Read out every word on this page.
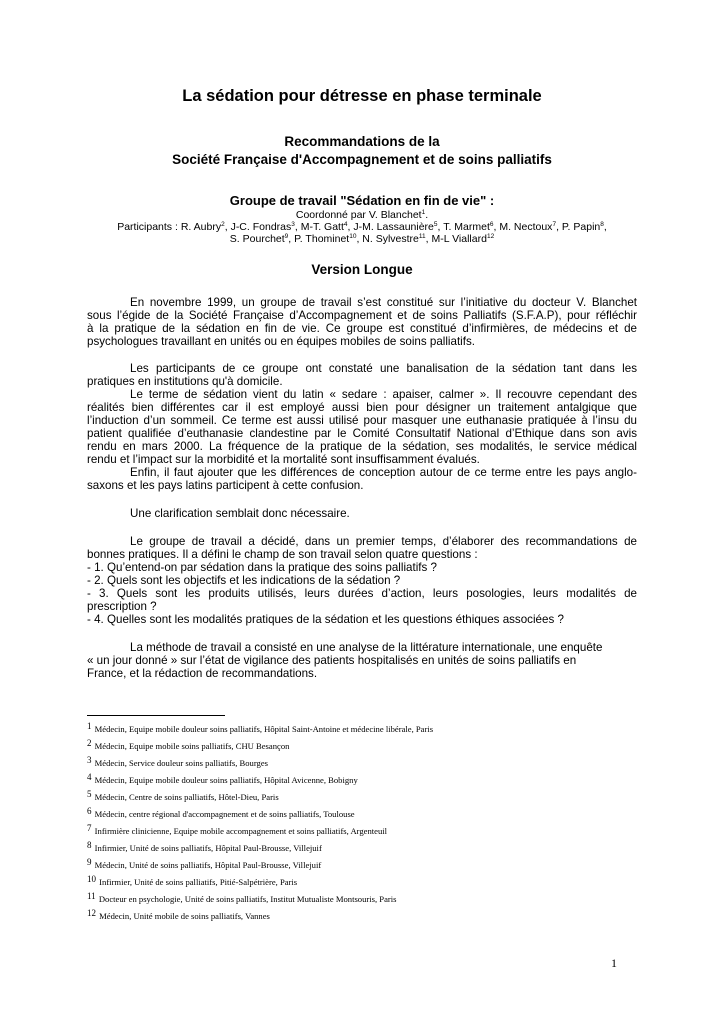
La sédation pour détresse en phase terminale
Recommandations de la
Société Française d'Accompagnement et de soins palliatifs
Groupe de travail "Sédation en fin de vie" :
Coordonné par V. Blanchet$^1$.
Participants : R. Aubry$^2$, J-C. Fondras$^3$, M-T. Gatt$^4$, J-M. Lassaunière$^5$, T. Marmet$^6$, M. Nectoux$^7$, P. Papin$^8$,
S. Pourchet$^9$, P. Thominet$^{10}$, N. Sylvestre$^{11}$, M-L Viallard$^{12}$
Version Longue
En novembre 1999, un groupe de travail s’est constitué sur l’initiative du docteur V. Blanchet
sous l’égide de la Société Française d’Accompagnement et de soins Palliatifs (S.F.A.P), pour réfléchir
à la pratique de la sédation en fin de vie. Ce groupe est constitué d’infirmières, de médecins et de
psychologues travaillant en unités ou en équipes mobiles de soins palliatifs.
Les participants de ce groupe ont constaté une banalisation de la sédation tant dans les
pratiques en institutions qu'à domicile.
Le terme de sédation vient du latin « sedare : apaiser, calmer ». Il recouvre cependant des
réalités bien différentes car il est employé aussi bien pour désigner un traitement antalgique que
l’induction d’un sommeil. Ce terme est aussi utilisé pour masquer une euthanasie pratiquée à l’insu du
patient qualifiée d’euthanasie clandestine par le Comité Consultatif National d’Ethique dans son avis
rendu en mars 2000. La fréquence de la pratique de la sédation, ses modalités, le service médical
rendu et l’impact sur la morbidité et la mortalité sont insuffisamment évalués.
Enfin, il faut ajouter que les différences de conception autour de ce terme entre les pays anglo-
saxons et les pays latins participent à cette confusion.
Une clarification semblait donc nécessaire.
Le groupe de travail a décidé, dans un premier temps, d’élaborer des recommandations de
bonnes pratiques. Il a défini le champ de son travail selon quatre questions :
- 1. Qu’entend-on par sédation dans la pratique des soins palliatifs ?
- 2. Quels sont les objectifs et les indications de la sédation ?
- 3. Quels sont les produits utilisés, leurs durées d’action, leurs posologies, leurs modalités de
prescription ?
- 4. Quelles sont les modalités pratiques de la sédation et les questions éthiques associées ?
La méthode de travail a consisté en une analyse de la littérature internationale, une enquête
« un jour donné » sur l’état de vigilance des patients hospitalisés en unités de soins palliatifs en
France, et la rédaction de recommandations.
1 Médecin, Equipe mobile douleur soins palliatifs, Hôpital Saint-Antoine et médecine libérale, Paris
2 Médecin, Equipe mobile soins palliatifs, CHU Besançon
3 Médecin, Service douleur soins palliatifs, Bourges
4 Médecin, Equipe mobile douleur soins palliatifs, Hôpital Avicenne, Bobigny
5 Médecin, Centre de soins palliatifs, Hôtel-Dieu, Paris
6 Médecin, centre régional d'accompagnement et de soins palliatifs, Toulouse
7 Infirmière clinicienne, Equipe mobile accompagnement et soins palliatifs, Argenteuil
8 Infirmier, Unité de soins palliatifs, Hôpital Paul-Brousse, Villejuif
9 Médecin, Unité de soins palliatifs, Hôpital Paul-Brousse, Villejuif
10 Infirmier, Unité de soins palliatifs, Pitié-Salpétrière, Paris
11 Docteur en psychologie, Unité de soins palliatifs, Institut Mutualiste Montsouris, Paris
12 Médecin, Unité mobile de soins palliatifs, Vannes
1
